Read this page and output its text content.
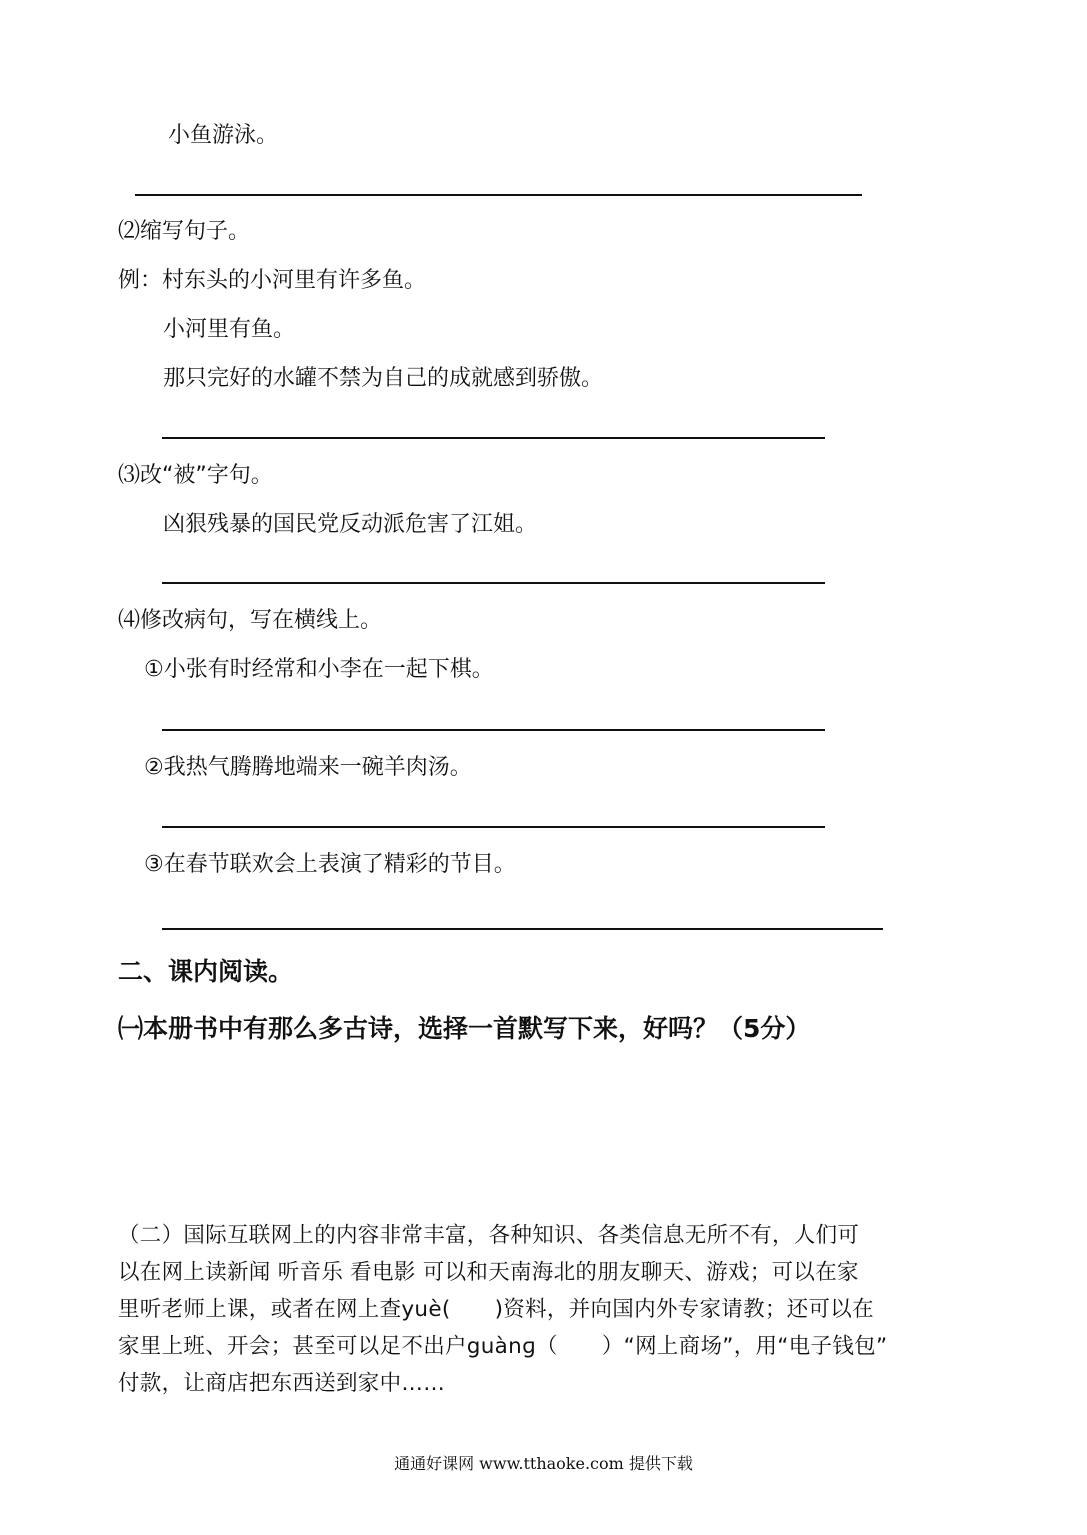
小鱼游泳。
⑵缩写句子。
例：村东头的小河里有许多鱼。
小河里有鱼。
那只完好的水罐不禁为自己的成就感到骄傲。
⑶改“被”字句。
凶狠残暴的国民党反动派危害了江姐。
⑷修改病句，写在横线上。
①小张有时经常和小李在一起下棋。
②我热气腾腾地端来一碗羊肉汤。
③在春节联欢会上表演了精彩的节目。
二、课内阅读。
㈠本册书中有那么多古诗，选择一首默写下来，好吗？（5分）
（二）国际互联网上的内容非常丰富，各种知识、各类信息无所不有，人们可
以在网上读新闻 听音乐 看电影 可以和天南海北的朋友聊天、游戏；可以在家
里听老师上课，或者在网上查yuè( )资料，并向国内外专家请教；还可以在
家里上班、开会；甚至可以足不出户guànɡ（ ）“网上商场”，用“电子钱包”
付款，让商店把东西送到家中……
通通好课网 www.tthaoke.com 提供下载
